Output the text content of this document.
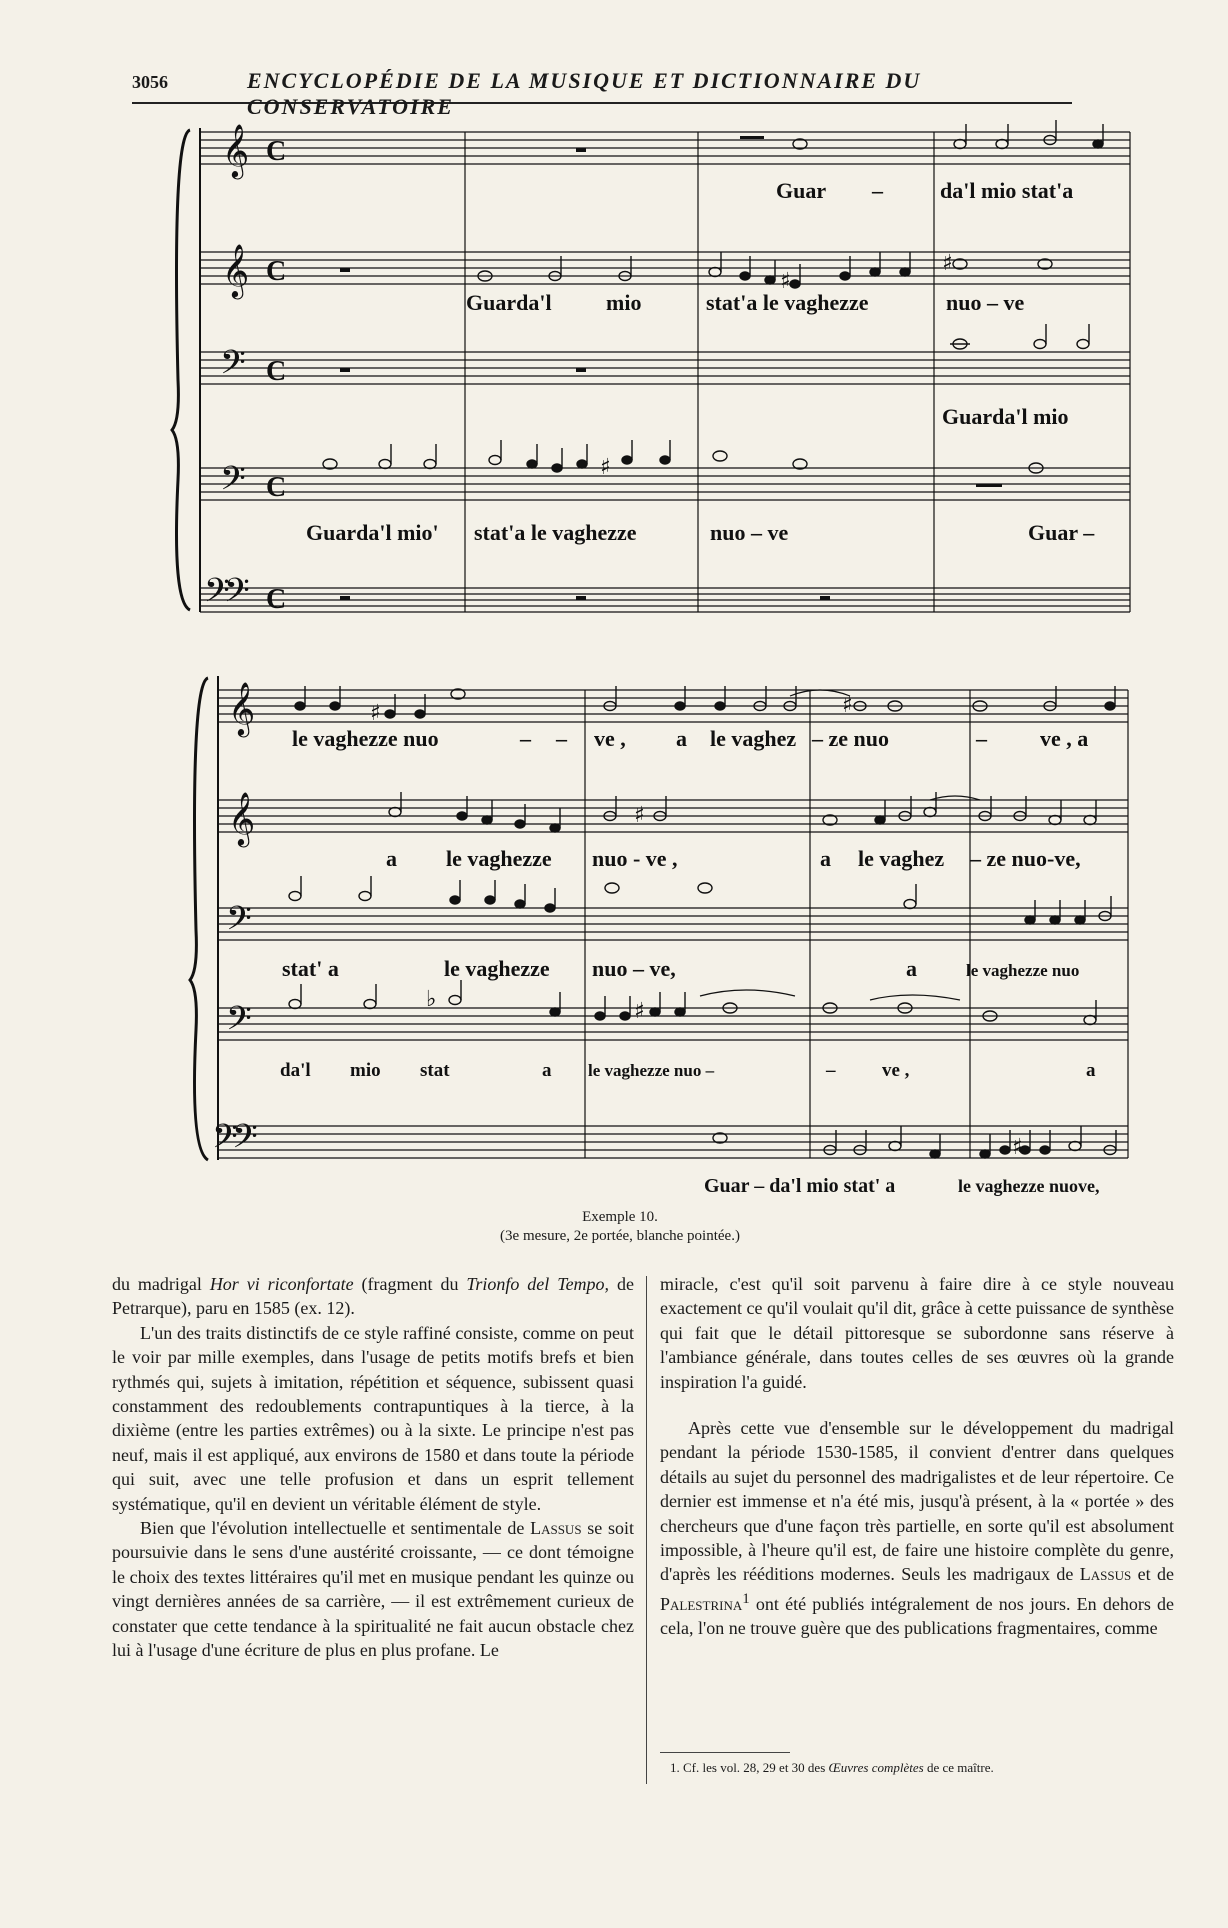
3056	ENCYCLOPÉDIE DE LA MUSIQUE ET DICTIONNAIRE DU CONSERVATOIRE
𝄞 C
𝄞 C
𝄢 C
𝄢 C
𝄢
𝄢 C
𝄞
𝄞
𝄢
𝄢
𝄢
𝄢
♯
♯
♯
♯
♯
♯
♭	♯
♯
Guar –	da'l mio stat'a
Guarda'l mio	stat'a le vaghezze	nuo – ve
Guarda'l mio
Guarda'l mio' stat'a le vaghezze	nuo – ve	Guar –
le vaghezze nuo	– – ve , a le vaghez – ze nuo	– ve , a
a le vaghezze nuo - ve ,	a le vaghez – ze nuo-ve,
stat' a	le vaghezze nuo – ve,	a	le vaghezze nuo
da'l mio stat	a le vaghezze nuo –	– ve ,	a
Guar – da'l mio stat' a	le vaghezze nuove,
Exemple 10.
(3e mesure, 2e portée, blanche pointée.)

du madrigal Hor vi riconfortate (fragment du Trionfo del Tempo, de Petrarque), paru en 1585 (ex. 12).

L'un des traits distinctifs de ce style raffiné consiste, comme on peut le voir par mille exemples, dans l'usage de petits motifs brefs et bien rythmés qui, sujets à imitation, répétition et séquence, subissent quasi constamment des redoublements contrapuntiques à la tierce, à la dixième (entre les parties extrêmes) ou à la sixte. Le principe n'est pas neuf, mais il est appliqué, aux environs de 1580 et dans toute la période qui suit, avec une telle profusion et dans un esprit tellement systématique, qu'il en devient un véritable élément de style.

Bien que l'évolution intellectuelle et sentimentale de Lassus se soit poursuivie dans le sens d'une austérité croissante, — ce dont témoigne le choix des textes littéraires qu'il met en musique pendant les quinze ou vingt dernières années de sa carrière, — il est extrêmement curieux de constater que cette tendance à la spiritualité ne fait aucun obstacle chez lui à l'usage d'une écriture de plus en plus profane. Le

miracle, c'est qu'il soit parvenu à faire dire à ce style nouveau exactement ce qu'il voulait qu'il dit, grâce à cette puissance de synthèse qui fait que le détail pittoresque se subordonne sans réserve à l'ambiance générale, dans toutes celles de ses œuvres où la grande inspiration l'a guidé.

Après cette vue d'ensemble sur le développement du madrigal pendant la période 1530-1585, il convient d'entrer dans quelques détails au sujet du personnel des madrigalistes et de leur répertoire. Ce dernier est immense et n'a été mis, jusqu'à présent, à la « portée » des chercheurs que d'une façon très partielle, en sorte qu'il est absolument impossible, à l'heure qu'il est, de faire une histoire complète du genre, d'après les rééditions modernes. Seuls les madrigaux de Lassus et de Palestrina$^1$ ont été publiés intégralement de nos jours. En dehors de cela, l'on ne trouve guère que des publications fragmentaires, comme

1. Cf. les vol. 28, 29 et 30 des Œuvres complètes de ce maître.
